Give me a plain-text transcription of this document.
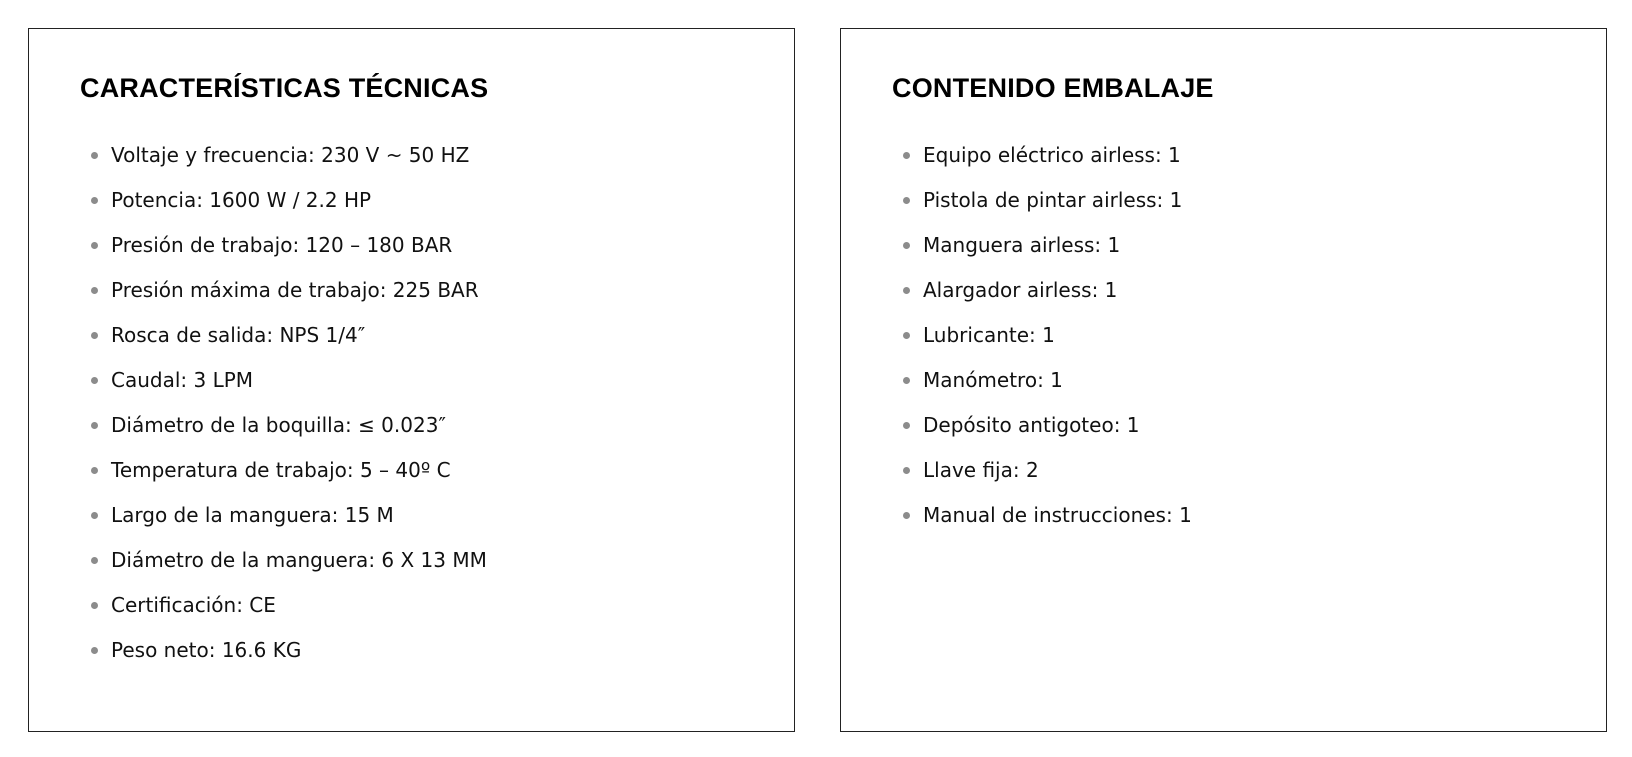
CARACTERÍSTICAS TÉCNICAS
Voltaje y frecuencia: 230 V ~ 50 HZ
Potencia: 1600 W / 2.2 HP
Presión de trabajo: 120 – 180 BAR
Presión máxima de trabajo: 225 BAR
Rosca de salida: NPS 1/4″
Caudal: 3 LPM
Diámetro de la boquilla: ≤ 0.023″
Temperatura de trabajo: 5 – 40º C
Largo de la manguera: 15 M
Diámetro de la manguera: 6 X 13 MM
Certificación: CE
Peso neto: 16.6 KG
CONTENIDO EMBALAJE
Equipo eléctrico airless: 1
Pistola de pintar airless: 1
Manguera airless: 1
Alargador airless: 1
Lubricante: 1
Manómetro: 1
Depósito antigoteo: 1
Llave fija: 2
Manual de instrucciones: 1
